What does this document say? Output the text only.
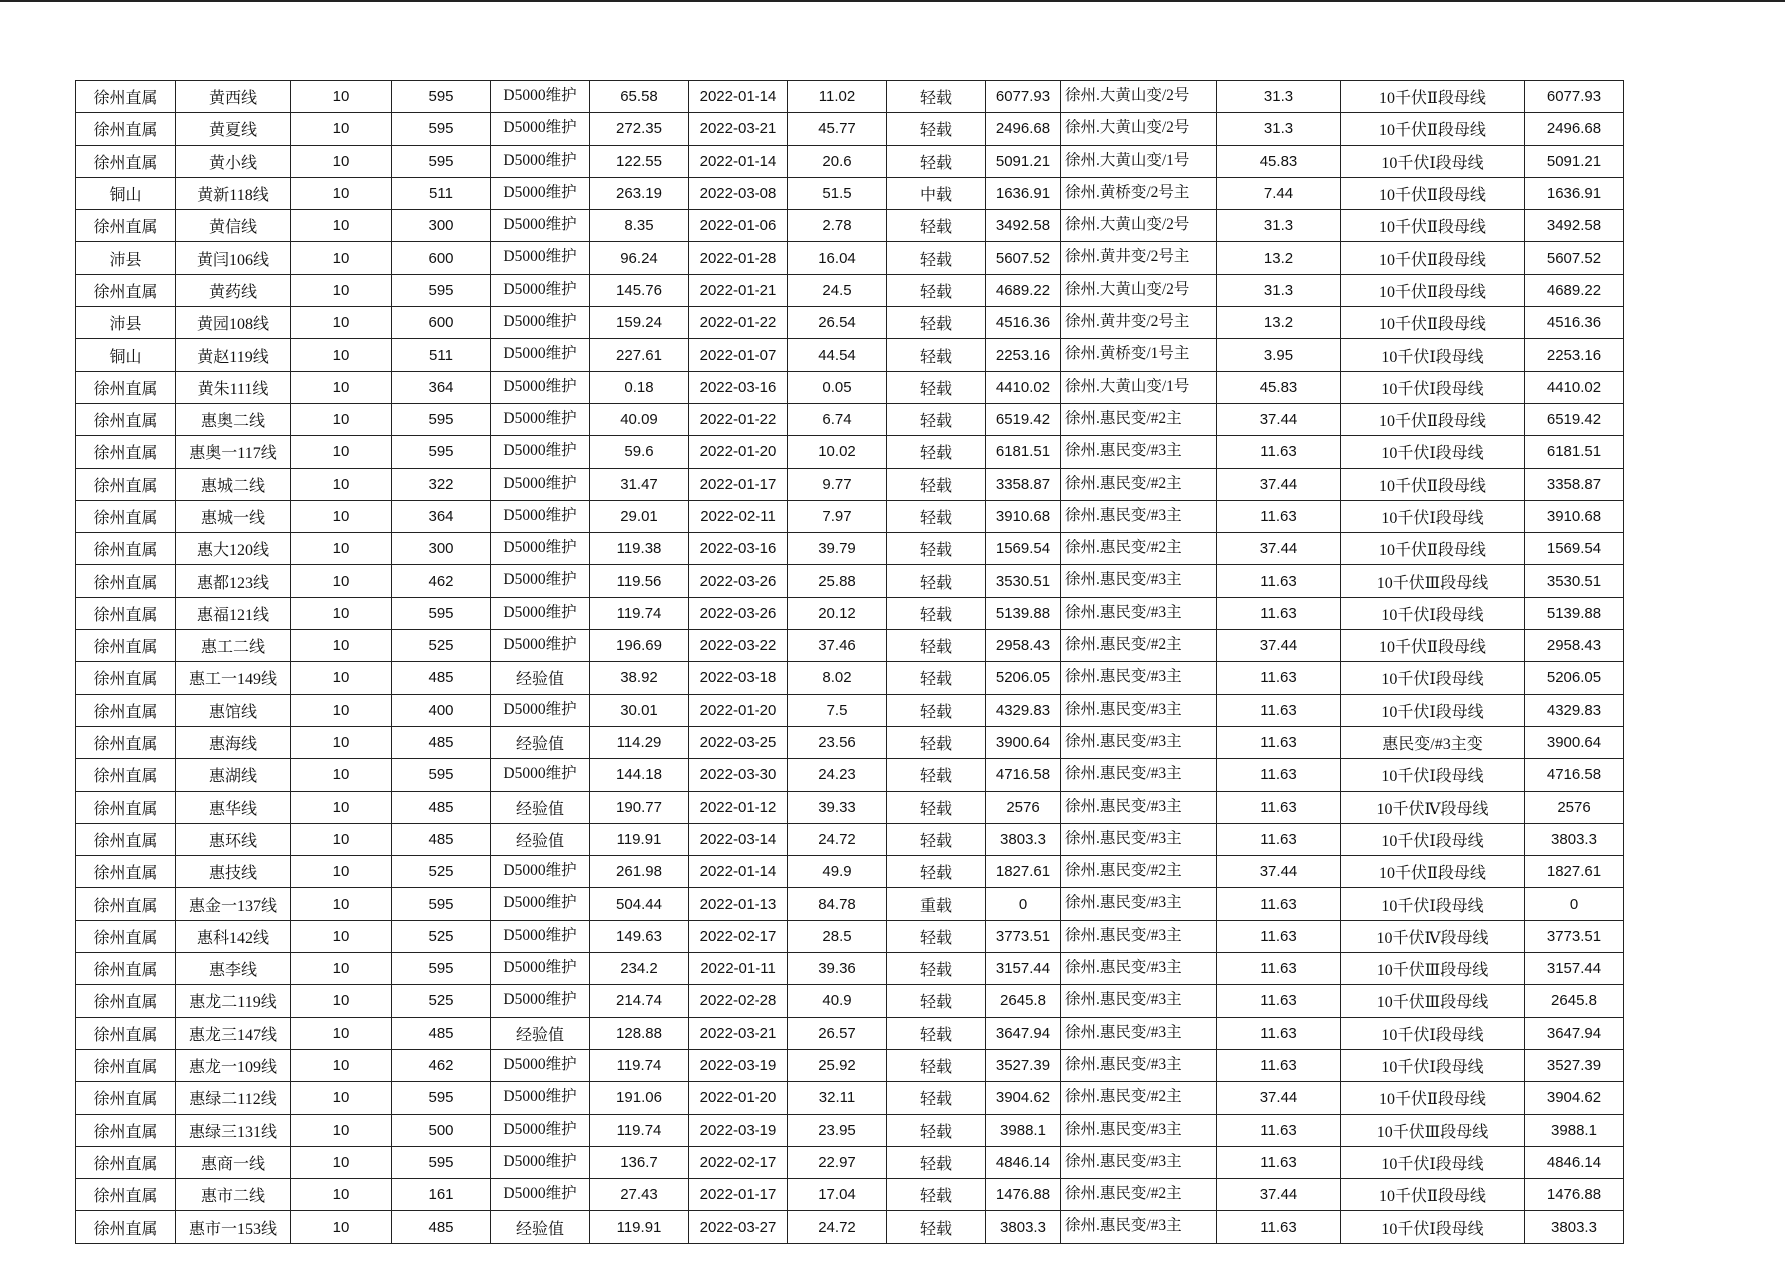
徐州直属	黄西线	10	595	D5000维护	65.58	2022-01-14	11.02	轻载	6077.93	徐州.大黄山变/2号	31.3	10千伏Ⅱ段母线	6077.93
徐州直属	黄夏线	10	595	D5000维护	272.35	2022-03-21	45.77	轻载	2496.68	徐州.大黄山变/2号	31.3	10千伏Ⅱ段母线	2496.68
徐州直属	黄小线	10	595	D5000维护	122.55	2022-01-14	20.6	轻载	5091.21	徐州.大黄山变/1号	45.83	10千伏Ⅰ段母线	5091.21
铜山	黄新118线	10	511	D5000维护	263.19	2022-03-08	51.5	中载	1636.91	徐州.黄桥变/2号主	7.44	10千伏Ⅱ段母线	1636.91
徐州直属	黄信线	10	300	D5000维护	8.35	2022-01-06	2.78	轻载	3492.58	徐州.大黄山变/2号	31.3	10千伏Ⅱ段母线	3492.58
沛县	黄闫106线	10	600	D5000维护	96.24	2022-01-28	16.04	轻载	5607.52	徐州.黄井变/2号主	13.2	10千伏Ⅱ段母线	5607.52
徐州直属	黄药线	10	595	D5000维护	145.76	2022-01-21	24.5	轻载	4689.22	徐州.大黄山变/2号	31.3	10千伏Ⅱ段母线	4689.22
沛县	黄园108线	10	600	D5000维护	159.24	2022-01-22	26.54	轻载	4516.36	徐州.黄井变/2号主	13.2	10千伏Ⅱ段母线	4516.36
铜山	黄赵119线	10	511	D5000维护	227.61	2022-01-07	44.54	轻载	2253.16	徐州.黄桥变/1号主	3.95	10千伏Ⅰ段母线	2253.16
徐州直属	黄朱111线	10	364	D5000维护	0.18	2022-03-16	0.05	轻载	4410.02	徐州.大黄山变/1号	45.83	10千伏Ⅰ段母线	4410.02
徐州直属	惠奥二线	10	595	D5000维护	40.09	2022-01-22	6.74	轻载	6519.42	徐州.惠民变/#2主	37.44	10千伏Ⅱ段母线	6519.42
徐州直属	惠奥一117线	10	595	D5000维护	59.6	2022-01-20	10.02	轻载	6181.51	徐州.惠民变/#3主	11.63	10千伏Ⅰ段母线	6181.51
徐州直属	惠城二线	10	322	D5000维护	31.47	2022-01-17	9.77	轻载	3358.87	徐州.惠民变/#2主	37.44	10千伏Ⅱ段母线	3358.87
徐州直属	惠城一线	10	364	D5000维护	29.01	2022-02-11	7.97	轻载	3910.68	徐州.惠民变/#3主	11.63	10千伏Ⅰ段母线	3910.68
徐州直属	惠大120线	10	300	D5000维护	119.38	2022-03-16	39.79	轻载	1569.54	徐州.惠民变/#2主	37.44	10千伏Ⅱ段母线	1569.54
徐州直属	惠都123线	10	462	D5000维护	119.56	2022-03-26	25.88	轻载	3530.51	徐州.惠民变/#3主	11.63	10千伏Ⅲ段母线	3530.51
徐州直属	惠福121线	10	595	D5000维护	119.74	2022-03-26	20.12	轻载	5139.88	徐州.惠民变/#3主	11.63	10千伏Ⅰ段母线	5139.88
徐州直属	惠工二线	10	525	D5000维护	196.69	2022-03-22	37.46	轻载	2958.43	徐州.惠民变/#2主	37.44	10千伏Ⅱ段母线	2958.43
徐州直属	惠工一149线	10	485	经验值	38.92	2022-03-18	8.02	轻载	5206.05	徐州.惠民变/#3主	11.63	10千伏Ⅰ段母线	5206.05
徐州直属	惠馆线	10	400	D5000维护	30.01	2022-01-20	7.5	轻载	4329.83	徐州.惠民变/#3主	11.63	10千伏Ⅰ段母线	4329.83
徐州直属	惠海线	10	485	经验值	114.29	2022-03-25	23.56	轻载	3900.64	徐州.惠民变/#3主	11.63	惠民变/#3主变	3900.64
徐州直属	惠湖线	10	595	D5000维护	144.18	2022-03-30	24.23	轻载	4716.58	徐州.惠民变/#3主	11.63	10千伏Ⅰ段母线	4716.58
徐州直属	惠华线	10	485	经验值	190.77	2022-01-12	39.33	轻载	2576	徐州.惠民变/#3主	11.63	10千伏Ⅳ段母线	2576
徐州直属	惠环线	10	485	经验值	119.91	2022-03-14	24.72	轻载	3803.3	徐州.惠民变/#3主	11.63	10千伏Ⅰ段母线	3803.3
徐州直属	惠技线	10	525	D5000维护	261.98	2022-01-14	49.9	轻载	1827.61	徐州.惠民变/#2主	37.44	10千伏Ⅱ段母线	1827.61
徐州直属	惠金一137线	10	595	D5000维护	504.44	2022-01-13	84.78	重载	0	徐州.惠民变/#3主	11.63	10千伏Ⅰ段母线	0
徐州直属	惠科142线	10	525	D5000维护	149.63	2022-02-17	28.5	轻载	3773.51	徐州.惠民变/#3主	11.63	10千伏Ⅳ段母线	3773.51
徐州直属	惠李线	10	595	D5000维护	234.2	2022-01-11	39.36	轻载	3157.44	徐州.惠民变/#3主	11.63	10千伏Ⅲ段母线	3157.44
徐州直属	惠龙二119线	10	525	D5000维护	214.74	2022-02-28	40.9	轻载	2645.8	徐州.惠民变/#3主	11.63	10千伏Ⅲ段母线	2645.8
徐州直属	惠龙三147线	10	485	经验值	128.88	2022-03-21	26.57	轻载	3647.94	徐州.惠民变/#3主	11.63	10千伏Ⅰ段母线	3647.94
徐州直属	惠龙一109线	10	462	D5000维护	119.74	2022-03-19	25.92	轻载	3527.39	徐州.惠民变/#3主	11.63	10千伏Ⅰ段母线	3527.39
徐州直属	惠绿二112线	10	595	D5000维护	191.06	2022-01-20	32.11	轻载	3904.62	徐州.惠民变/#2主	37.44	10千伏Ⅱ段母线	3904.62
徐州直属	惠绿三131线	10	500	D5000维护	119.74	2022-03-19	23.95	轻载	3988.1	徐州.惠民变/#3主	11.63	10千伏Ⅲ段母线	3988.1
徐州直属	惠商一线	10	595	D5000维护	136.7	2022-02-17	22.97	轻载	4846.14	徐州.惠民变/#3主	11.63	10千伏Ⅰ段母线	4846.14
徐州直属	惠市二线	10	161	D5000维护	27.43	2022-01-17	17.04	轻载	1476.88	徐州.惠民变/#2主	37.44	10千伏Ⅱ段母线	1476.88
徐州直属	惠市一153线	10	485	经验值	119.91	2022-03-27	24.72	轻载	3803.3	徐州.惠民变/#3主	11.63	10千伏Ⅰ段母线	3803.3
